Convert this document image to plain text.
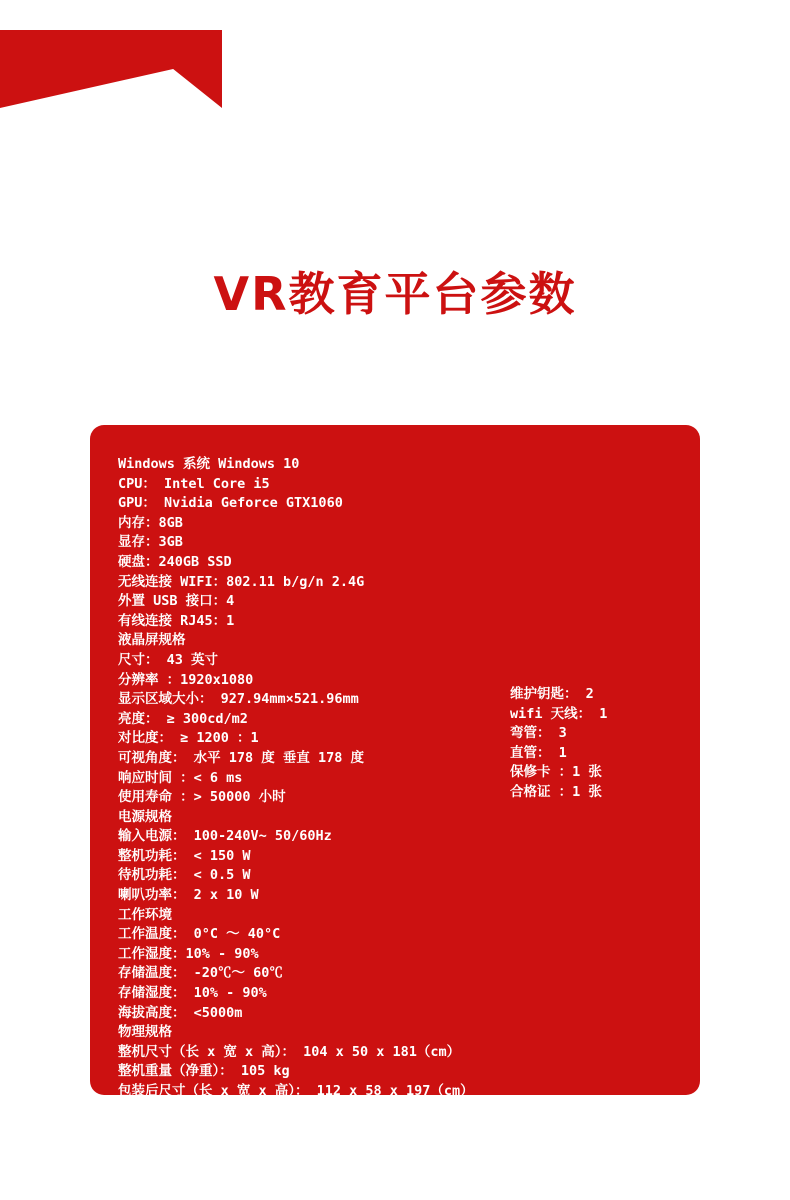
VR教育平台参数
Windows 系统 Windows 10
CPU： Intel Core i5
GPU： Nvidia Geforce GTX1060
内存：8GB
显存：3GB
硬盘：240GB SSD
无线连接 WIFI：802.11 b/g/n 2.4G
外置 USB 接口：4
有线连接 RJ45：1
液晶屏规格
尺寸： 43 英寸
分辨率 ：1920x1080
显示区域大小： 927.94mm×521.96mm
亮度： ≥ 300cd/m2
对比度： ≥ 1200 ：1
可视角度： 水平 178 度 垂直 178 度
响应时间 ：< 6 ms
使用寿命 ：> 50000 小时
电源规格
输入电源： 100-240V~ 50/60Hz
整机功耗： < 150 W
待机功耗： < 0.5 W
喇叭功率： 2 x 10 W
工作环境
工作温度： 0°C ～ 40°C
工作湿度：10% - 90%
存储温度： -20℃～ 60℃
存储湿度： 10% - 90%
海拔高度： <5000m
物理规格
整机尺寸（长 x 宽 x 高）： 104 x 50 x 181（cm）
整机重量（净重）： 105 kg
包装后尺寸（长 x 宽 x 高）： 112 x 58 x 197（cm）
包装后重量（毛重）： 150 kg
随机附件
维护钥匙： 2
wifi 天线： 1
弯管： 3
直管： 1
保修卡 ：1 张
合格证 ：1 张
